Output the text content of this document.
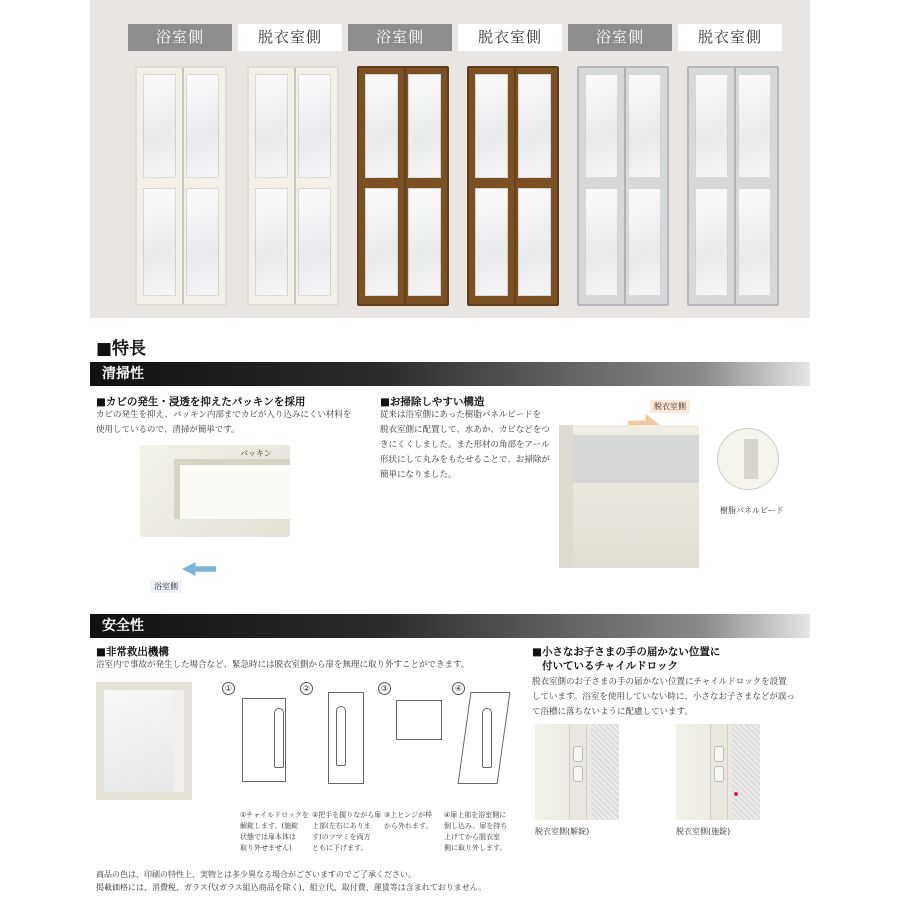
浴室側	脱衣室側	浴室側	脱衣室側	浴室側	脱衣室側
■特長
清掃性
■カビの発生・浸透を抑えたパッキンを採用
カビの発生を抑え、パッキン内部までカビが入り込みにくい材料を
使用しているので、清掃が簡単です。
パッキン
浴室側
■お掃除しやすい構造
従来は浴室側にあった樹脂パネルビードを
脱衣室側に配置して、水あか、カビなどをつ
きにくくしました。また形材の角部をアール
形状にして丸みをもたせることで、お掃除が
簡単になりました。
脱衣室側
樹脂パネルビード
安全性
■非常救出機構
浴室内で事故が発生した場合など、緊急時には脱衣室側から扉を無理に取り外すことができます。
①	②	③	④
①チャイルドロックを
解錠します。(施錠
状態では扉本体は
取り外せません)
②把手を握りながら扉
上部(左右にありま
す)のツマミを両方
ともに下げます。
③上ヒンジが枠
から外れます。
④扉上部を浴室側に
倒し込み、扉を持ち
上げてから脱衣室
側に取り外します。
■小さなお子さまの手の届かない位置に
付いているチャイルドロック
脱衣室側のお子さまの手の届かない位置にチャイルドロックを設置
しています。浴室を使用していない時に、小さなお子さまなどが誤っ
て浴槽に落ちないように配慮しています。
脱衣室側(解錠)	脱衣室側(施錠)
商品の色は、印刷の特性上、実物とは多少異なる場合がございますのでご了承ください。
掲載価格には、消費税、ガラス代(ガラス組込商品を除く)、組立代、取付費、運賃等は含まれておりません。
